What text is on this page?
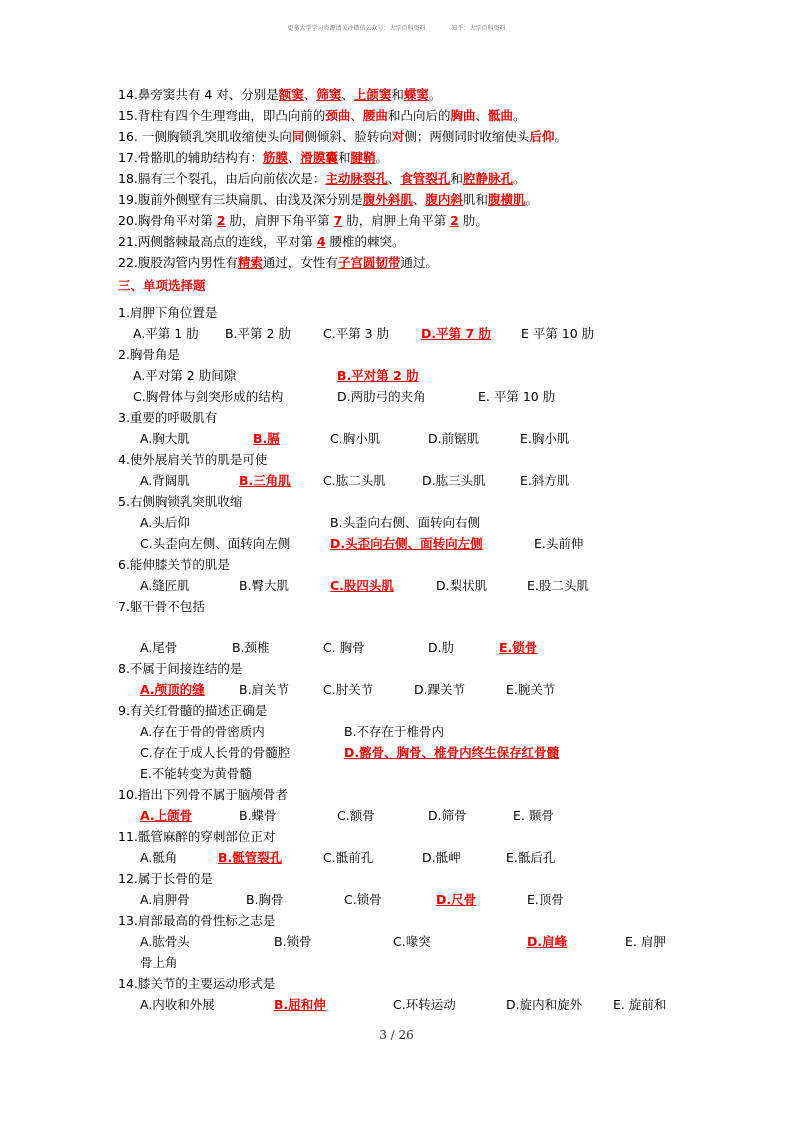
更多大学学习资源请关注微信公众号：大学百科资料	知乎：大学百科资料
14.鼻旁窦共有 4 对、分别是额窦、筛窦、上颌窦和蝶窦。
15.背柱有四个生理弯曲，即凸向前的颈曲、腰曲和凸向后的胸曲、骶曲。
16. 一侧胸锁乳突肌收缩使头向同侧倾斜、脸转向对侧；两侧同时收缩使头后仰。
17.骨骼肌的辅助结构有：筋膜、滑膜囊和腱鞘。
18.膈有三个裂孔，由后向前依次是：主动脉裂孔、食管裂孔和腔静脉孔。
19.腹前外侧壁有三块扁肌、由浅及深分别是腹外斜肌、腹内斜肌和腹横肌。
20.胸骨角平对第 2 肋，肩胛下角平第 7 肋，肩胛上角平第 2 肋。
21.两侧髂棘最高点的连线，平对第 4 腰椎的棘突。
22.腹股沟管内男性有精索通过，女性有子宫圆韧带通过。
三、单项选择题
1.肩胛下角位置是
A.平第 1 肋 B.平第 2 肋	C.平第 3 肋	D.平第 7 肋 E 平第 10 肋
2.胸骨角是
A.平对第 2 肋间隙	B.平对第 2 肋
C.胸骨体与剑突形成的结构	D.两肋弓的夹角	E. 平第 10 肋
3.重要的呼吸肌有
A.胸大肌	B.膈	C.胸小肌	D.前锯肌	E.胸小肌
4.使外展肩关节的肌是可使
A.背阔肌	B.三角肌	C.肱二头肌	D.肱三头肌	E.斜方肌
5.右侧胸锁乳突肌收缩
A.头后仰	B.头歪向右侧、面转向右侧
C.头歪向左侧、面转向左侧	D.头歪向右侧、面转向左侧	E.头前伸
6.能伸膝关节的肌是
A.缝匠肌	B.臀大肌	C.股四头肌	D.梨状肌	E.股二头肌
7.躯干骨不包括
A.尾骨	B.颈椎	C. 胸骨	D.肋	E.锁骨
8.不属于间接连结的是
A.颅顶的缝	B.肩关节	C.肘关节	D.踝关节	E.腕关节
9.有关红骨髓的描述正确是
A.存在于骨的骨密质内	B.不存在于椎骨内
C.存在于成人长骨的骨髓腔	D.髂骨、胸骨、椎骨内终生保存红骨髓
E.不能转变为黄骨髓
10.指出下列骨不属于脑颅骨者
A.上颌骨	B.蝶骨	C.额骨	D.筛骨	E. 颞骨
11.骶管麻醉的穿刺部位正对
A.骶角	B.骶管裂孔	C.骶前孔	D.骶岬	E.骶后孔
12.属于长骨的是
A.肩胛骨	B.胸骨	C.锁骨	D.尺骨	E.顶骨
13.肩部最高的骨性标之志是
A.肱骨头	B.锁骨	C.喙突	D.肩峰	E. 肩胛
骨上角
14.膝关节的主要运动形式是
A.内收和外展	B.屈和伸	C.环转运动	D.旋内和旋外 E. 旋前和
3 / 26
